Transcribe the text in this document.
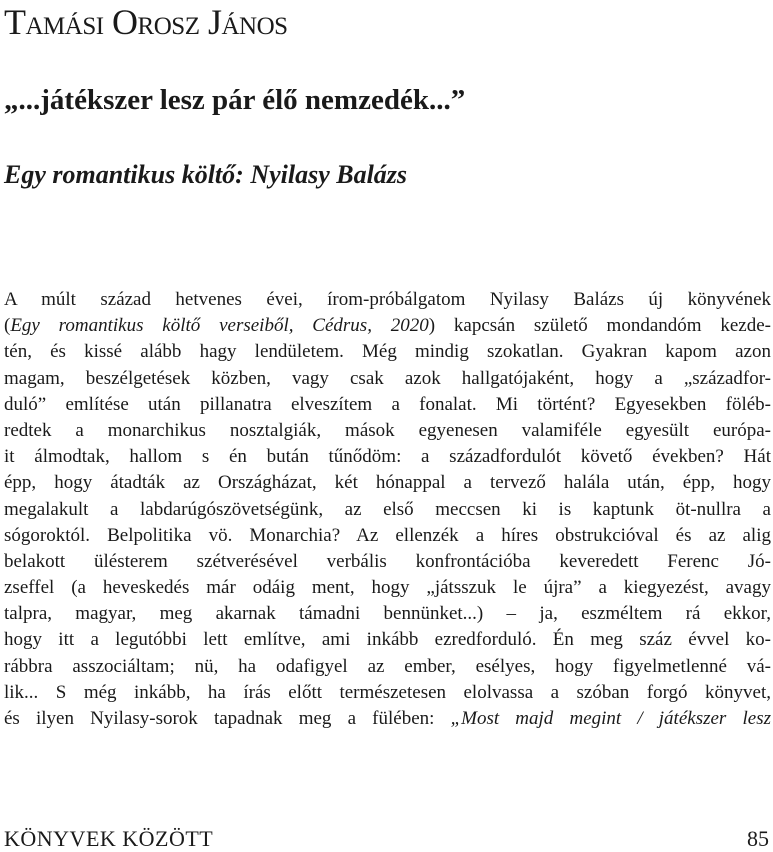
Tamási Orosz János
„...játékszer lesz pár élő nemzedék...”
Egy romantikus költő: Nyilasy Balázs
A múlt század hetvenes évei, írom-próbálgatom Nyilasy Balázs új könyvének
(Egy romantikus költő verseiből, Cédrus, 2020) kapcsán születő mondandóm kezde-
tén, és kissé alább hagy lendületem. Még mindig szokatlan. Gyakran kapom azon
magam, beszélgetések közben, vagy csak azok hallgatójaként, hogy a „századfor-
duló” említése után pillanatra elveszítem a fonalat. Mi történt? Egyesekben föléb-
redtek a monarchikus nosztalgiák, mások egyenesen valamiféle egyesült európa-
it álmodtak, hallom s én bután tűnődöm: a századfordulót követő években? Hát
épp, hogy átadták az Országházat, két hónappal a tervező halála után, épp, hogy
megalakult a labdarúgószövetségünk, az első meccsen ki is kaptunk öt-nullra a
sógoroktól. Belpolitika vö. Monarchia? Az ellenzék a híres obstrukcióval és az alig
belakott ülésterem szétverésével verbális konfrontációba keveredett Ferenc Jó-
zseffel (a heveskedés már odáig ment, hogy „játsszuk le újra” a kiegyezést, avagy
talpra, magyar, meg akarnak támadni bennünket...) – ja, eszméltem rá ekkor,
hogy itt a legutóbbi lett említve, ami inkább ezredforduló. Én meg száz évvel ko-
rábbra asszociáltam; nü, ha odafigyel az ember, esélyes, hogy figyelmetlenné vá-
lik... S még inkább, ha írás előtt természetesen elolvassa a szóban forgó könyvet,
és ilyen Nyilasy-sorok tapadnak meg a fülében: „Most majd megint / játékszer lesz
KÖNYVEK KÖZÖTT	85
